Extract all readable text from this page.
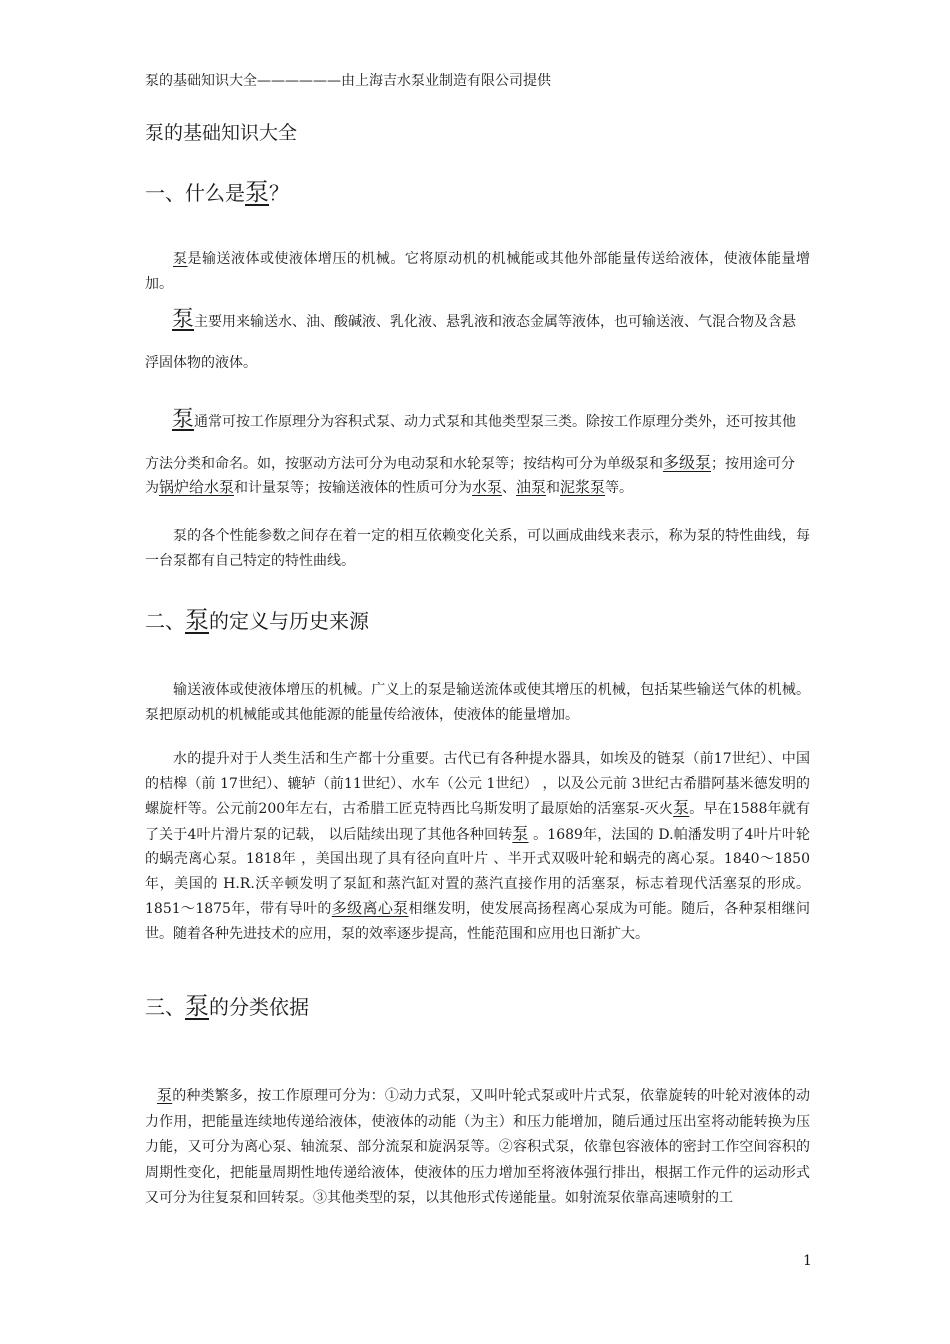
泵的基础知识大全——————由上海吉水泵业制造有限公司提供
泵的基础知识大全
一、什么是泵？
泵是输送液体或使液体增压的机械。它将原动机的机械能或其他外部能量传送给液体，使液体能量增加。
泵主要用来输送水、油、酸碱液、乳化液、悬乳液和液态金属等液体，也可输送液、气混合物及含悬
浮固体物的液体。
泵通常可按工作原理分为容积式泵、动力式泵和其他类型泵三类。除按工作原理分类外，还可按其他
方法分类和命名。如，按驱动方法可分为电动泵和水轮泵等；按结构可分为单级泵和多级泵；按用途可分
为锅炉给水泵和计量泵等；按输送液体的性质可分为水泵、油泵和泥浆泵等。
泵的各个性能参数之间存在着一定的相互依赖变化关系，可以画成曲线来表示，称为泵的特性曲线，每一台泵都有自己特定的特性曲线。
二、泵的定义与历史来源
输送液体或使液体增压的机械。广义上的泵是输送流体或使其增压的机械，包括某些输送气体的机械。泵把原动机的机械能或其他能源的能量传给液体，使液体的能量增加。
水的提升对于人类生活和生产都十分重要。古代已有各种提水器具，如埃及的链泵（前17世纪）、中国的桔槔（前 17世纪）、辘轳（前11世纪）、水车（公元 1世纪） ，以及公元前 3世纪古希腊阿基米德发明的螺旋杆等。公元前200年左右，古希腊工匠克特西比乌斯发明了最原始的活塞泵-灭火泵。早在1588年就有了关于4叶片滑片泵的记载， 以后陆续出现了其他各种回转泵 。1689年，法国的 D.帕潘发明了4叶片叶轮的蜗壳离心泵。1818年 ，美国出现了具有径向直叶片 、半开式双吸叶轮和蜗壳的离心泵。1840～1850年，美国的 H.R.沃辛顿发明了泵缸和蒸汽缸对置的蒸汽直接作用的活塞泵，标志着现代活塞泵的形成。1851～1875年，带有导叶的多级离心泵相继发明，使发展高扬程离心泵成为可能。随后，各种泵相继问世。随着各种先进技术的应用，泵的效率逐步提高，性能范围和应用也日渐扩大。
三、泵的分类依据
泵的种类繁多，按工作原理可分为：①动力式泵，又叫叶轮式泵或叶片式泵，依靠旋转的叶轮对液体的动力作用，把能量连续地传递给液体，使液体的动能（为主）和压力能增加，随后通过压出室将动能转换为压力能，又可分为离心泵、轴流泵、部分流泵和旋涡泵等。②容积式泵，依靠包容液体的密封工作空间容积的周期性变化，把能量周期性地传递给液体，使液体的压力增加至将液体强行排出，根据工作元件的运动形式又可分为往复泵和回转泵。③其他类型的泵，以其他形式传递能量。如射流泵依靠高速喷射的工
1
